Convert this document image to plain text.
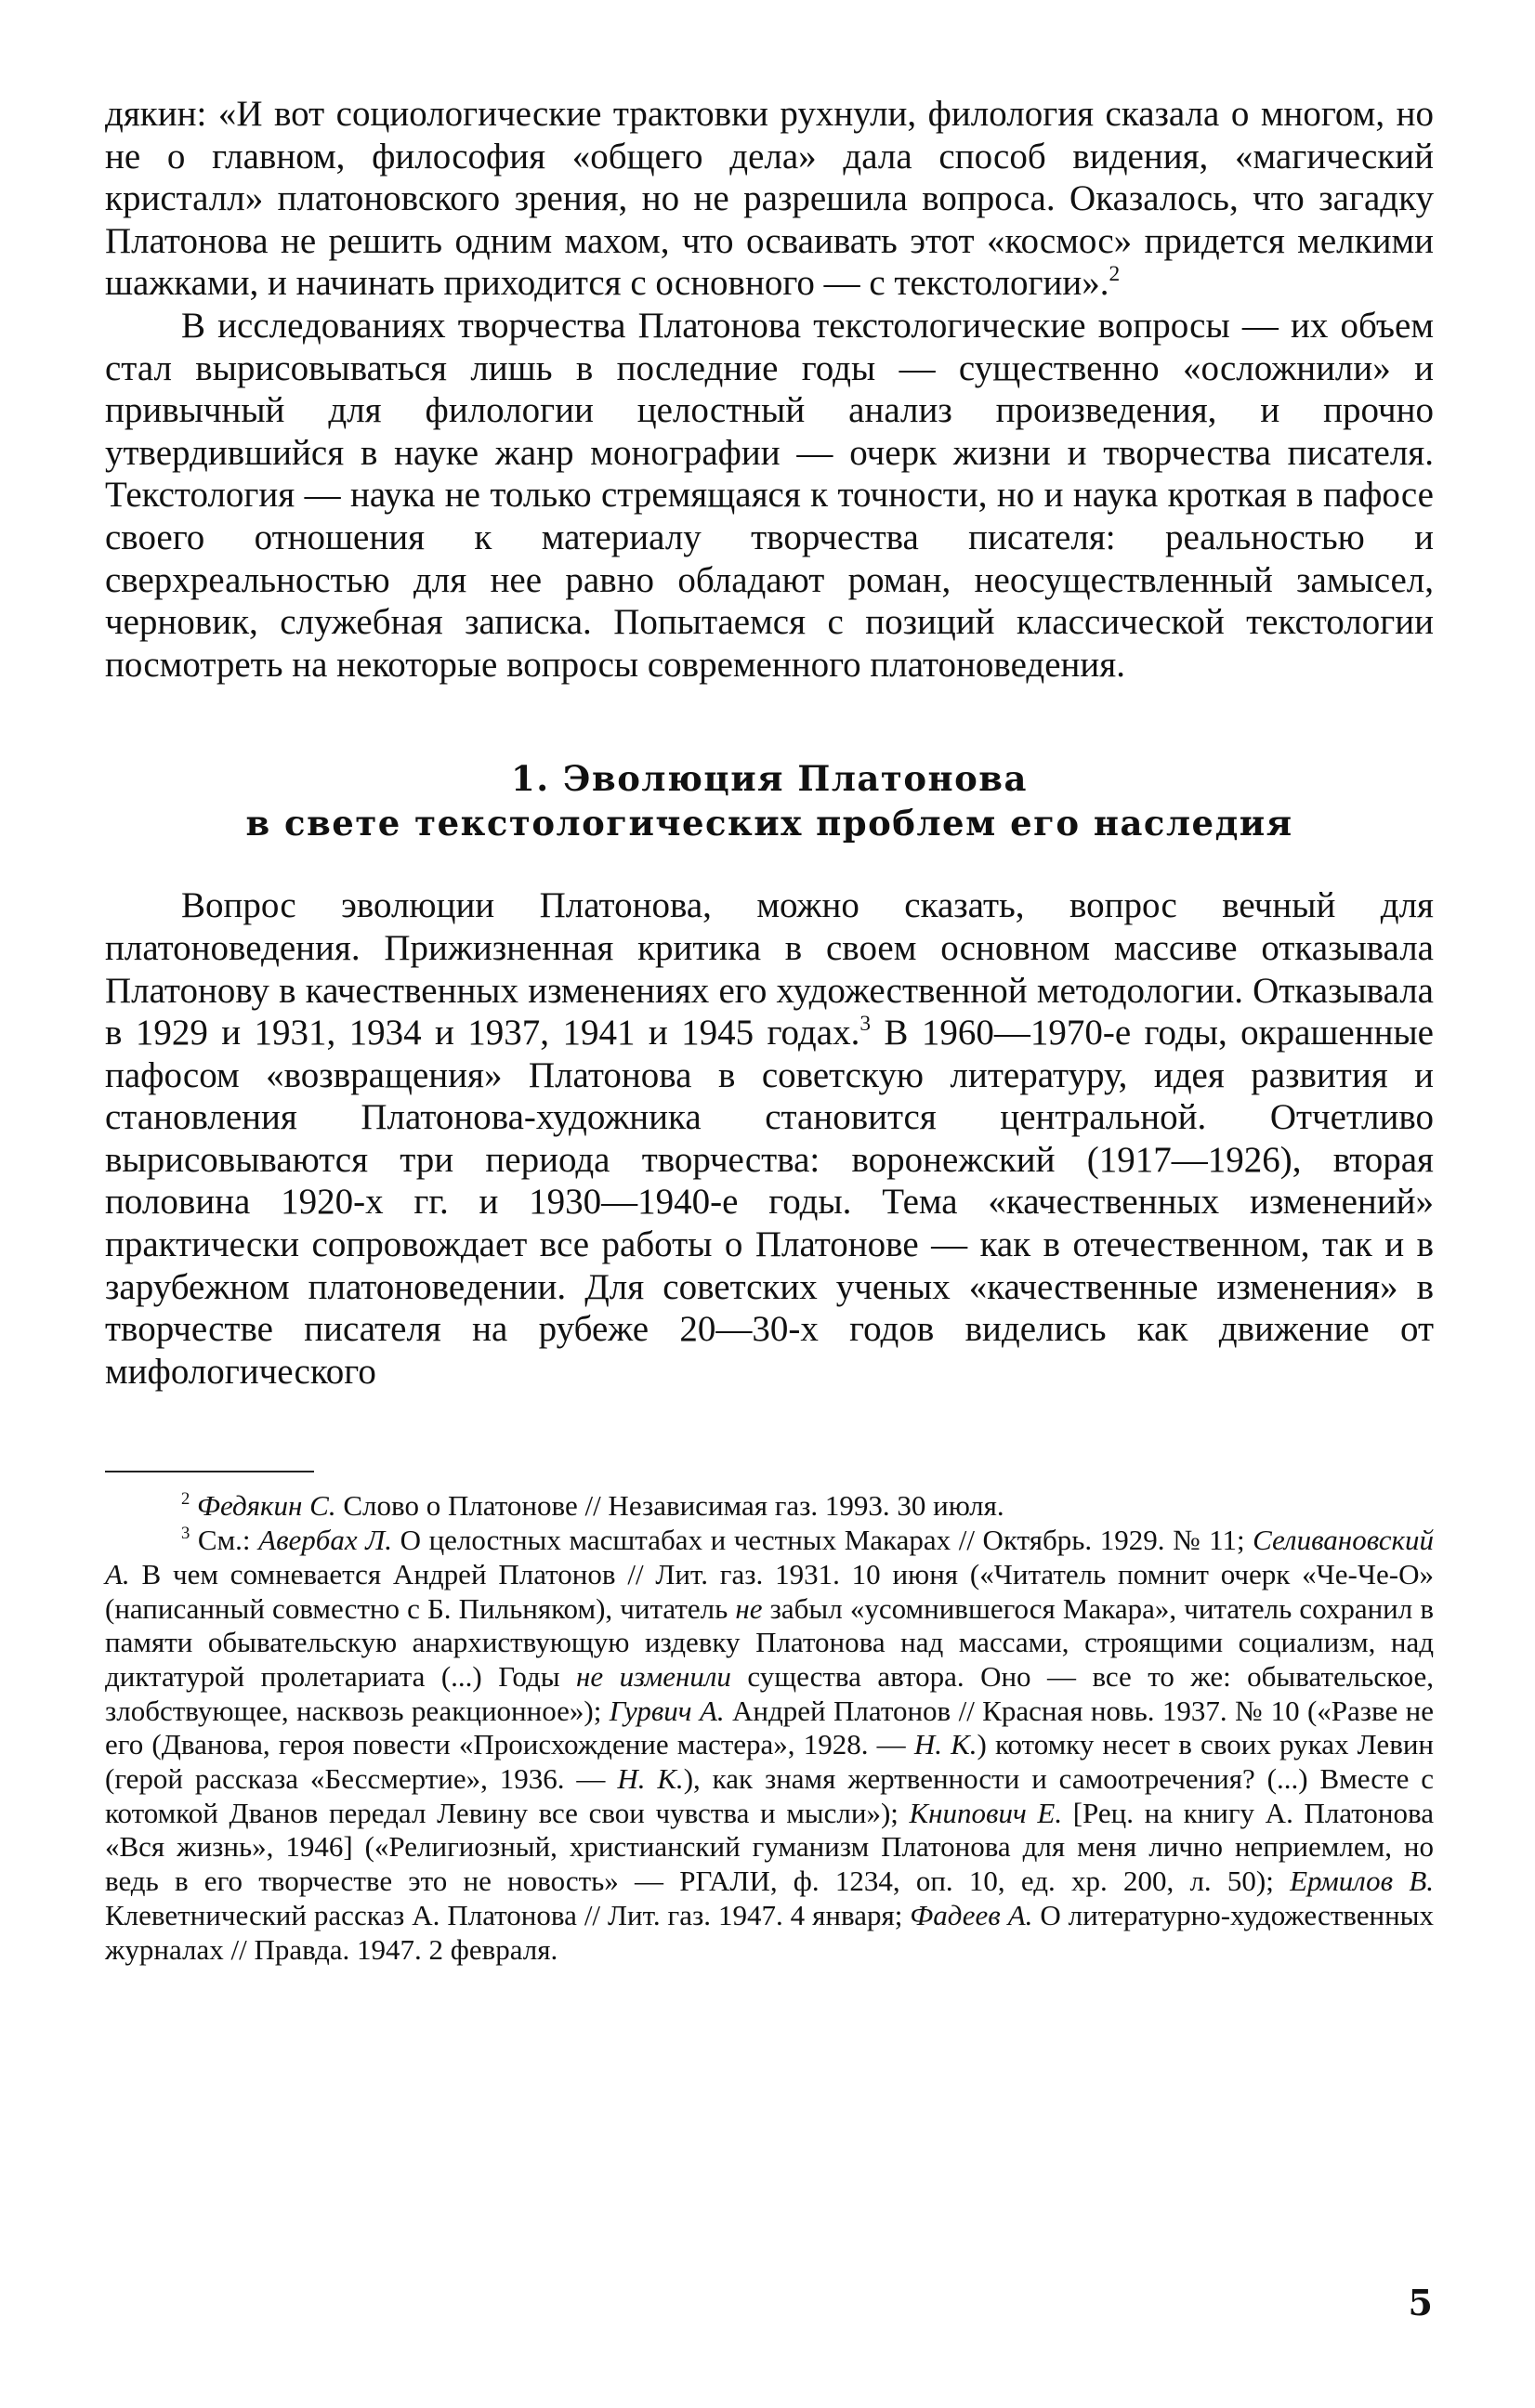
дякин: «И вот социологические трактовки рухнули, филология сказала о многом, но не о главном, философия «общего дела» дала способ видения, «магический кристалл» платоновского зрения, но не разрешила вопроса. Оказалось, что загадку Платонова не решить одним махом, что осваивать этот «космос» придется мелкими шажками, и начинать приходится с основного — с текстологии».$^2$

В исследованиях творчества Платонова текстологические вопросы — их объем стал вырисовываться лишь в последние годы — существенно «осложнили» и привычный для филологии целостный анализ произведения, и прочно утвердившийся в науке жанр монографии — очерк жизни и творчества писателя. Текстология — наука не только стремящаяся к точности, но и наука кроткая в пафосе своего отношения к материалу творчества писателя: реальностью и сверхреальностью для нее равно обладают роман, неосуществленный замысел, черновик, служебная записка. Попытаемся с позиций классической текстологии посмотреть на некоторые вопросы современного платоноведения.

1. Эволюция Платонова
в свете текстологических проблем его наследия

Вопрос эволюции Платонова, можно сказать, вопрос вечный для платоноведения. Прижизненная критика в своем основном массиве отказывала Платонову в качественных изменениях его художественной методологии. Отказывала в 1929 и 1931, 1934 и 1937, 1941 и 1945 годах.$^3$ В 1960—1970-е годы, окрашенные пафосом «возвращения» Платонова в советскую литературу, идея развития и становления Платонова-художника становится центральной. Отчетливо вырисовываются три периода творчества: воронежский (1917—1926), вторая половина 1920-х гг. и 1930—1940-е годы. Тема «качественных изменений» практически сопровождает все работы о Платонове — как в отечественном, так и в зарубежном платоноведении. Для советских ученых «качественные изменения» в творчестве писателя на рубеже 20—30-х годов виделись как движение от мифологического

$^2$ Федякин С. Слово о Платонове // Независимая газ. 1993. 30 июля.

$^3$ См.: Авербах Л. О целостных масштабах и честных Макарах // Октябрь. 1929. № 11; Селивановский А. В чем сомневается Андрей Платонов // Лит. газ. 1931. 10 июня («Читатель помнит очерк «Че-Че-О» (написанный совместно с Б. Пильняком), читатель не забыл «усомнившегося Макара», читатель сохранил в памяти обывательскую анархиствующую издевку Платонова над массами, строящими социализм, над диктатурой пролетариата (...) Годы не изменили существа автора. Оно — все то же: обывательское, злобствующее, насквозь реакционное»); Гурвич А. Андрей Платонов // Красная новь. 1937. № 10 («Разве не его (Дванова, героя повести «Происхождение мастера», 1928. — Н. К.) котомку несет в своих руках Левин (герой рассказа «Бессмертие», 1936. — Н. К.), как знамя жертвенности и самоотречения? (...) Вместе с котомкой Дванов передал Левину все свои чувства и мысли»); Книпович Е. [Рец. на книгу А. Платонова «Вся жизнь», 1946] («Религиозный, христианский гуманизм Платонова для меня лично неприемлем, но ведь в его творчестве это не новость» — РГАЛИ, ф. 1234, оп. 10, ед. хр. 200, л. 50); Ермилов В. Клеветнический рассказ А. Платонова // Лит. газ. 1947. 4 января; Фадеев А. О литературно-художественных журналах // Правда. 1947. 2 февраля.

5
